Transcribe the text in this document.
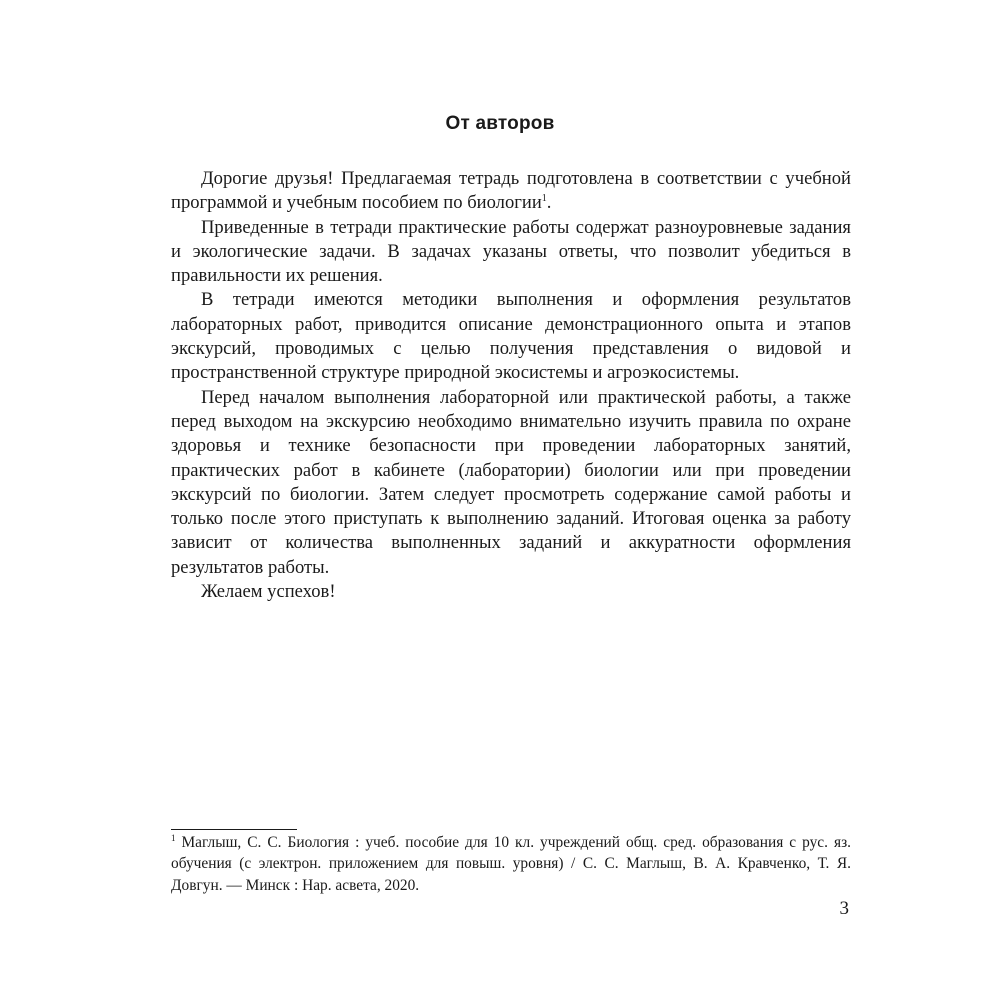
От авторов

Дорогие друзья! Предлагаемая тетрадь подготовлена в соответствии с учебной программой и учебным пособием по биологии$^1$.

Приведенные в тетради практические работы содержат разноуровневые задания и экологические задачи. В задачах указаны ответы, что позволит убедиться в правильности их решения.

В тетради имеются методики выполнения и оформления результатов лабораторных работ, приводится описание демонстрационного опыта и этапов экскурсий, проводимых с целью получения представления о видовой и пространственной структуре природной экосистемы и агроэкосистемы.

Перед началом выполнения лабораторной или практической работы, а также перед выходом на экскурсию необходимо внимательно изучить правила по охране здоровья и технике безопасности при проведении лабораторных занятий, практических работ в кабинете (лаборатории) биологии или при проведении экскурсий по биологии. Затем следует просмотреть содержание самой работы и только после этого приступать к выполнению заданий. Итоговая оценка за работу зависит от количества выполненных заданий и аккуратности оформления результатов работы.

Желаем успехов!

$^1$ Маглыш, С. С. Биология : учеб. пособие для 10 кл. учреждений общ. сред. образования с рус. яз. обучения (с электрон. приложением для повыш. уровня) / С. С. Маглыш, В. А. Кравченко, Т. Я. Довгун. — Минск : Нар. асвета, 2020.
3
